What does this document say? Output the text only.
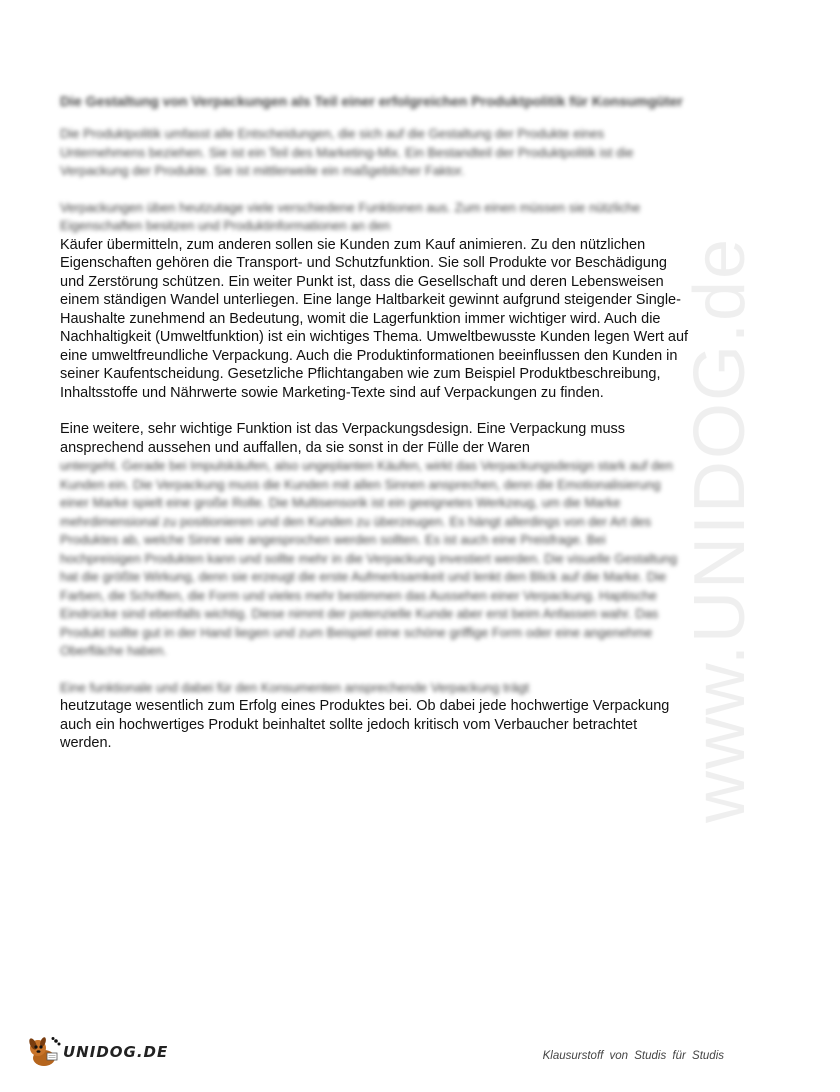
www.UNIDOG.de
Die Gestaltung von Verpackungen als Teil einer erfolgreichen Produktpolitik für Konsumgüter

Die Produktpolitik umfasst alle Entscheidungen, die sich auf die Gestaltung der Produkte eines Unternehmens beziehen. Sie ist ein Teil des Marketing-Mix. Ein Bestandteil der Produktpolitik ist die Verpackung der Produkte. Sie ist mittlerweile ein maßgeblicher Faktor.

Verpackungen üben heutzutage viele verschiedene Funktionen aus. Zum einen müssen sie nützliche Eigenschaften besitzen und Produktinformationen an den

Käufer übermitteln, zum anderen sollen sie Kunden zum Kauf animieren. Zu den nützlichen Eigenschaften gehören die Transport- und Schutzfunktion. Sie soll Produkte vor Beschädigung und Zerstörung schützen. Ein weiter Punkt ist, dass die Gesellschaft und deren Lebensweisen einem ständigen Wandel unterliegen. Eine lange Haltbarkeit gewinnt aufgrund steigender Single-Haushalte zunehmend an Bedeutung, womit die Lagerfunktion immer wichtiger wird. Auch die Nachhaltigkeit (Umweltfunktion) ist ein wichtiges Thema. Umweltbewusste Kunden legen Wert auf eine umweltfreundliche Verpackung. Auch die Produktinformationen beeinflussen den Kunden in seiner Kaufentscheidung. Gesetzliche Pflichtangaben wie zum Beispiel Produktbeschreibung, Inhaltsstoffe und Nährwerte sowie Marketing-Texte sind auf Verpackungen zu finden.

Eine weitere, sehr wichtige Funktion ist das Verpackungsdesign. Eine Verpackung muss ansprechend aussehen und auffallen, da sie sonst in der Fülle der Waren

untergeht. Gerade bei Impulskäufen, also ungeplanten Käufen, wirkt das Verpackungsdesign stark auf den Kunden ein. Die Verpackung muss die Kunden mit allen Sinnen ansprechen, denn die Emotionalisierung einer Marke spielt eine große Rolle. Die Multisensorik ist ein geeignetes Werkzeug, um die Marke mehrdimensional zu positionieren und den Kunden zu überzeugen. Es hängt allerdings von der Art des Produktes ab, welche Sinne wie angesprochen werden sollten. Es ist auch eine Preisfrage. Bei hochpreisigen Produkten kann und sollte mehr in die Verpackung investiert werden. Die visuelle Gestaltung hat die größte Wirkung, denn sie erzeugt die erste Aufmerksamkeit und lenkt den Blick auf die Marke. Die Farben, die Schriften, die Form und vieles mehr bestimmen das Aussehen einer Verpackung. Haptische Eindrücke sind ebenfalls wichtig. Diese nimmt der potenzielle Kunde aber erst beim Anfassen wahr. Das Produkt sollte gut in der Hand liegen und zum Beispiel eine schöne griffige Form oder eine angenehme Oberfläche haben.

Eine funktionale und dabei für den Konsumenten ansprechende Verpackung trägt

heutzutage wesentlich zum Erfolg eines Produktes bei. Ob dabei jede hochwertige Verpackung auch ein hochwertiges Produkt beinhaltet sollte jedoch kritisch vom Verbaucher betrachtet werden.

UNIDOG.DE	Klausurstoff von Studis für Studis
